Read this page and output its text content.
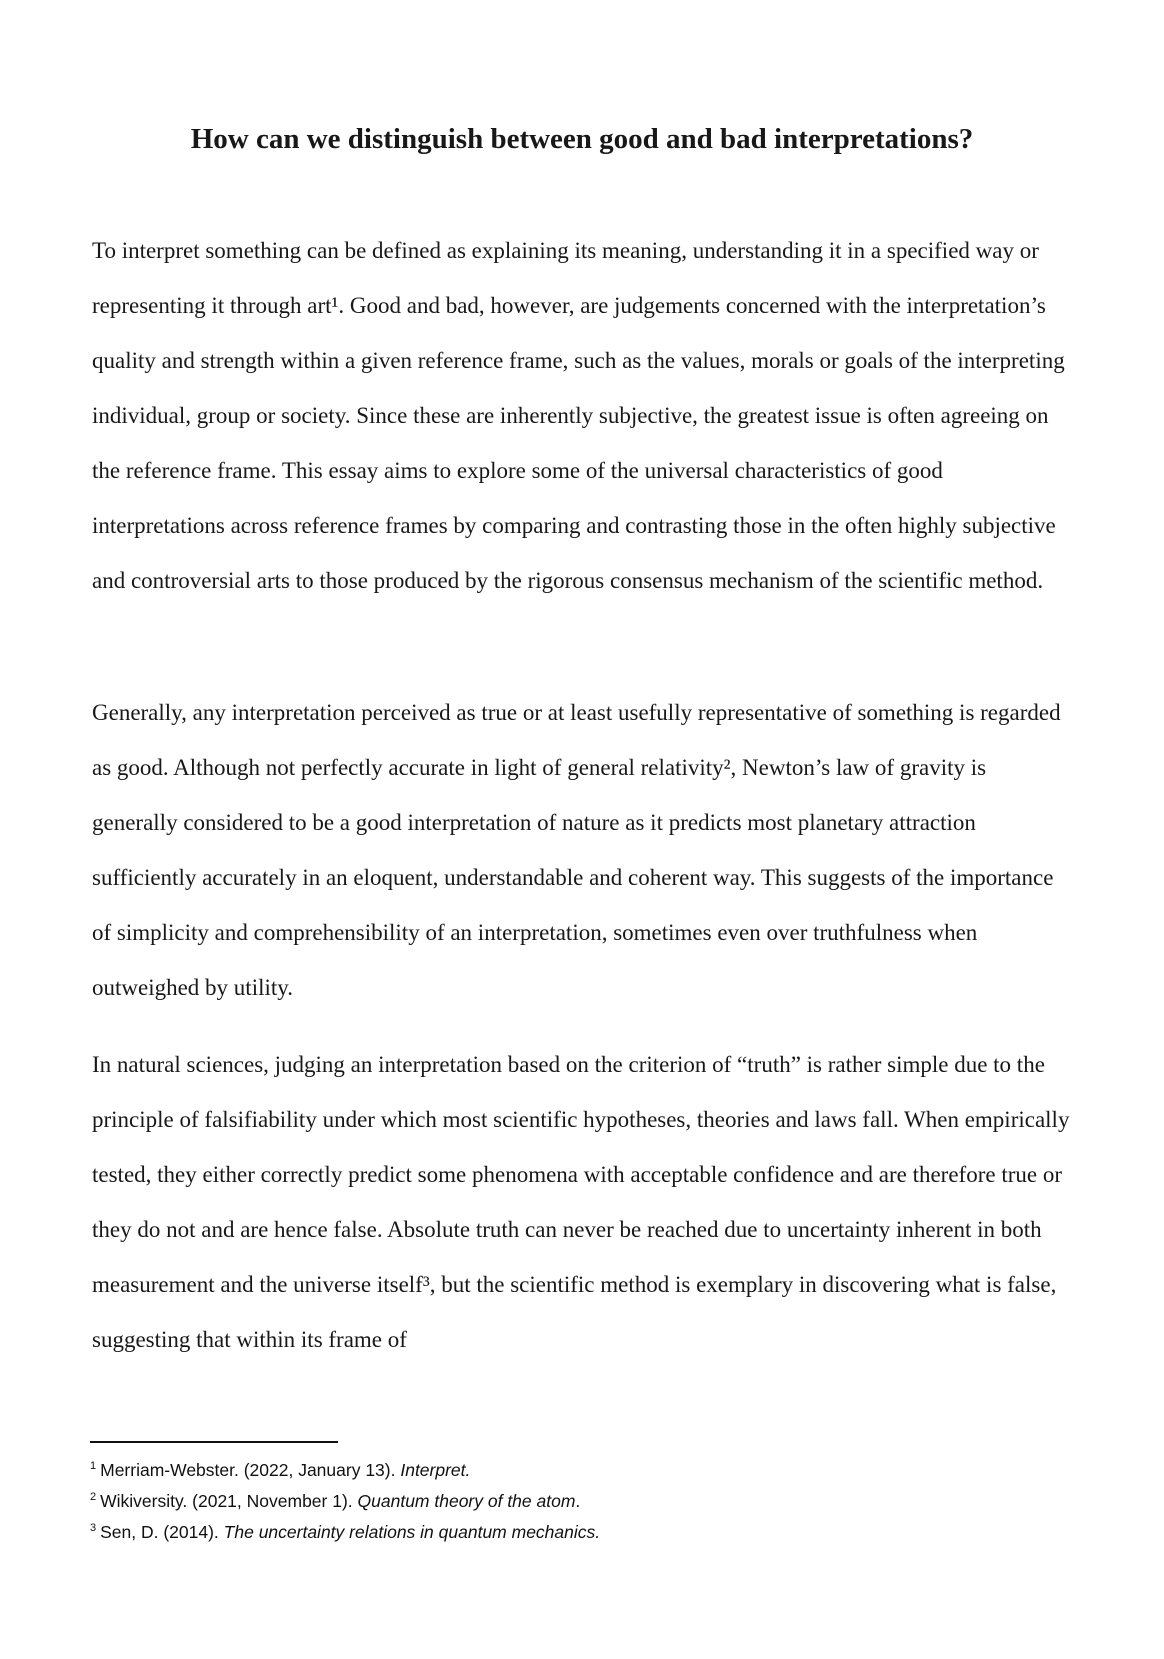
How can we distinguish between good and bad interpretations?

To interpret something can be defined as explaining its meaning, understanding it in a specified way or representing it through art¹. Good and bad, however, are judgements concerned with the interpretation’s quality and strength within a given reference frame, such as the values, morals or goals of the interpreting individual, group or society. Since these are inherently subjective, the greatest issue is often agreeing on the reference frame. This essay aims to explore some of the universal characteristics of good interpretations across reference frames by comparing and contrasting those in the often highly subjective and controversial arts to those produced by the rigorous consensus mechanism of the scientific method.

Generally, any interpretation perceived as true or at least usefully representative of something is regarded as good. Although not perfectly accurate in light of general relativity², Newton’s law of gravity is generally considered to be a good interpretation of nature as it predicts most planetary attraction sufficiently accurately in an eloquent, understandable and coherent way. This suggests of the importance of simplicity and comprehensibility of an interpretation, sometimes even over truthfulness when outweighed by utility.

In natural sciences, judging an interpretation based on the criterion of “truth” is rather simple due to the principle of falsifiability under which most scientific hypotheses, theories and laws fall. When empirically tested, they either correctly predict some phenomena with acceptable confidence and are therefore true or they do not and are hence false. Absolute truth can never be reached due to uncertainty inherent in both measurement and the universe itself³, but the scientific method is exemplary in discovering what is false, suggesting that within its frame of

$^1$ Merriam-Webster. (2022, January 13). Interpret.
$^2$ Wikiversity. (2021, November 1). Quantum theory of the atom.
$^3$ Sen, D. (2014). The uncertainty relations in quantum mechanics.
